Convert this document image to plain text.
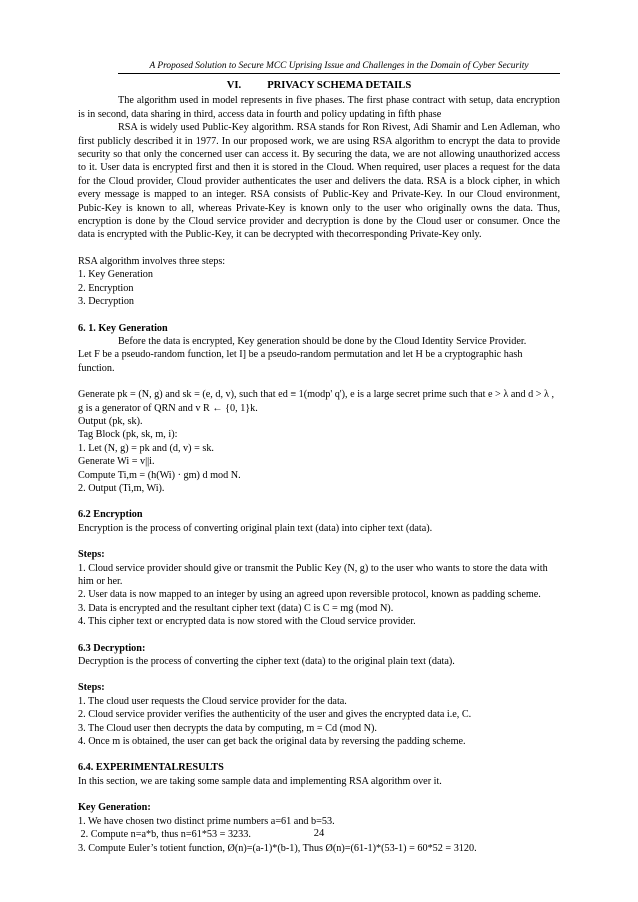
A Proposed Solution to Secure MCC Uprising Issue and Challenges in the Domain of Cyber Security
VI. PRIVACY SCHEMA DETAILS

The algorithm used in model represents in five phases. The first phase contract with setup, data encryption is in second, data sharing in third, access data in fourth and policy updating in fifth phase

RSA is widely used Public-Key algorithm. RSA stands for Ron Rivest, Adi Shamir and Len Adleman, who first publicly described it in 1977. In our proposed work, we are using RSA algorithm to encrypt the data to provide security so that only the concerned user can access it. By securing the data, we are not allowing unauthorized access to it. User data is encrypted first and then it is stored in the Cloud. When required, user places a request for the data for the Cloud provider, Cloud provider authenticates the user and delivers the data. RSA is a block cipher, in which every message is mapped to an integer. RSA consists of Public-Key and Private-Key. In our Cloud environment, Pubic-Key is known to all, whereas Private-Key is known only to the user who originally owns the data. Thus, encryption is done by the Cloud service provider and decryption is done by the Cloud user or consumer. Once the data is encrypted with the Public-Key, it can be decrypted with thecorresponding Private-Key only.

RSA algorithm involves three steps:

1. Key Generation

2. Encryption

3. Decryption

6. 1. Key Generation

Before the data is encrypted, Key generation should be done by the Cloud Identity Service Provider.

Let F be a pseudo-random function, let I] be a pseudo-random permutation and let H be a cryptographic hash function.

Generate pk = (N, g) and sk = (e, d, v), such that ed ≡ 1(modp' q'), e is a large secret prime such that e > λ and d > λ , g is a generator of QRN and v R ← {0, 1}k.

Output (pk, sk).

Tag Block (pk, sk, m, i):

1. Let (N, g) = pk and (d, v) = sk.

Generate Wi = v||i.

Compute Ti,m = (h(Wi) · gm) d mod N.

2. Output (Ti,m, Wi).

6.2 Encryption

Encryption is the process of converting original plain text (data) into cipher text (data).

Steps:

1. Cloud service provider should give or transmit the Public Key (N, g) to the user who wants to store the data with him or her.

2. User data is now mapped to an integer by using an agreed upon reversible protocol, known as padding scheme.

3. Data is encrypted and the resultant cipher text (data) C is C = mg (mod N).

4. This cipher text or encrypted data is now stored with the Cloud service provider.

6.3 Decryption:

Decryption is the process of converting the cipher text (data) to the original plain text (data).

Steps:

1. The cloud user requests the Cloud service provider for the data.

2. Cloud service provider verifies the authenticity of the user and gives the encrypted data i.e, C.

3. The Cloud user then decrypts the data by computing, m = Cd (mod N).

4. Once m is obtained, the user can get back the original data by reversing the padding scheme.

6.4. EXPERIMENTALRESULTS

In this section, we are taking some sample data and implementing RSA algorithm over it.

Key Generation:

1. We have chosen two distinct prime numbers a=61 and b=53.

2. Compute n=a*b, thus n=61*53 = 3233.

3. Compute Euler’s totient function, Ø(n)=(a-1)*(b-1), Thus Ø(n)=(61-1)*(53-1) = 60*52 = 3120.

24
